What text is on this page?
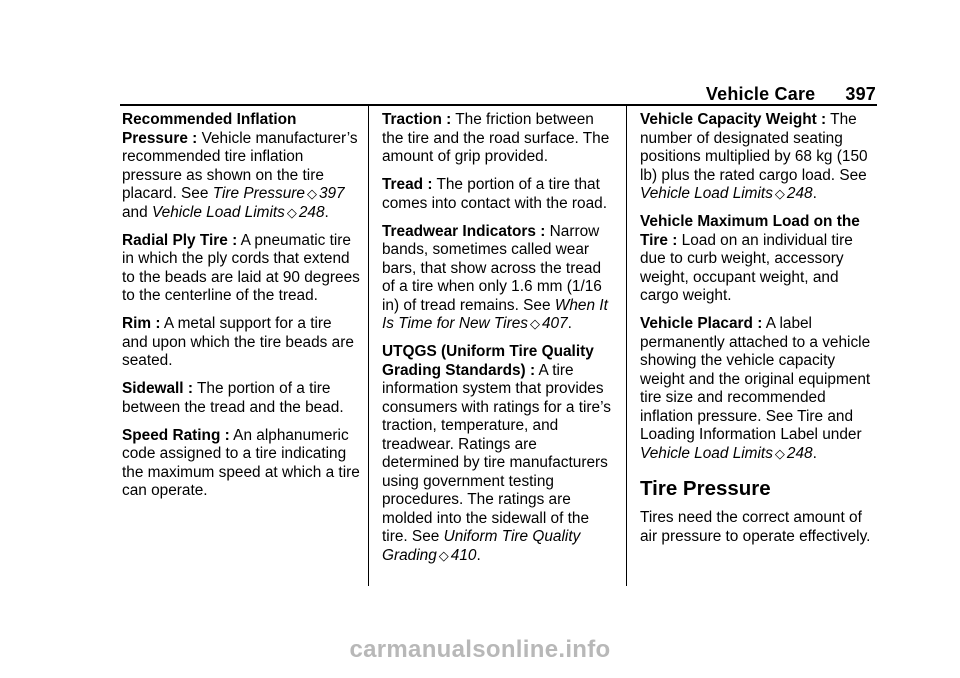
Vehicle Care 397

Recommended Inflation Pressure : Vehicle manufacturer’s recommended tire inflation pressure as shown on the tire placard. See Tire Pressure ◇ 397 and Vehicle Load Limits ◇ 248.

Radial Ply Tire : A pneumatic tire in which the ply cords that extend to the beads are laid at 90 degrees to the centerline of the tread.

Rim : A metal support for a tire and upon which the tire beads are seated.

Sidewall : The portion of a tire between the tread and the bead.

Speed Rating : An alphanumeric code assigned to a tire indicating the maximum speed at which a tire can operate.

Traction : The friction between the tire and the road surface. The amount of grip provided.

Tread : The portion of a tire that comes into contact with the road.

Treadwear Indicators : Narrow bands, sometimes called wear bars, that show across the tread of a tire when only 1.6 mm (1/16 in) of tread remains. See When It Is Time for New Tires ◇ 407.

UTQGS (Uniform Tire Quality Grading Standards) : A tire information system that provides consumers with ratings for a tire’s traction, temperature, and treadwear. Ratings are determined by tire manufacturers using government testing procedures. The ratings are molded into the sidewall of the tire. See Uniform Tire Quality Grading ◇ 410.

Vehicle Capacity Weight : The number of designated seating positions multiplied by 68 kg (150 lb) plus the rated cargo load. See Vehicle Load Limits ◇ 248.

Vehicle Maximum Load on the Tire : Load on an individual tire due to curb weight, accessory weight, occupant weight, and cargo weight.

Vehicle Placard : A label permanently attached to a vehicle showing the vehicle capacity weight and the original equipment tire size and recommended inflation pressure. See Tire and Loading Information Label under Vehicle Load Limits ◇ 248.

Tire Pressure

Tires need the correct amount of air pressure to operate effectively.

carmanualsonline.info
